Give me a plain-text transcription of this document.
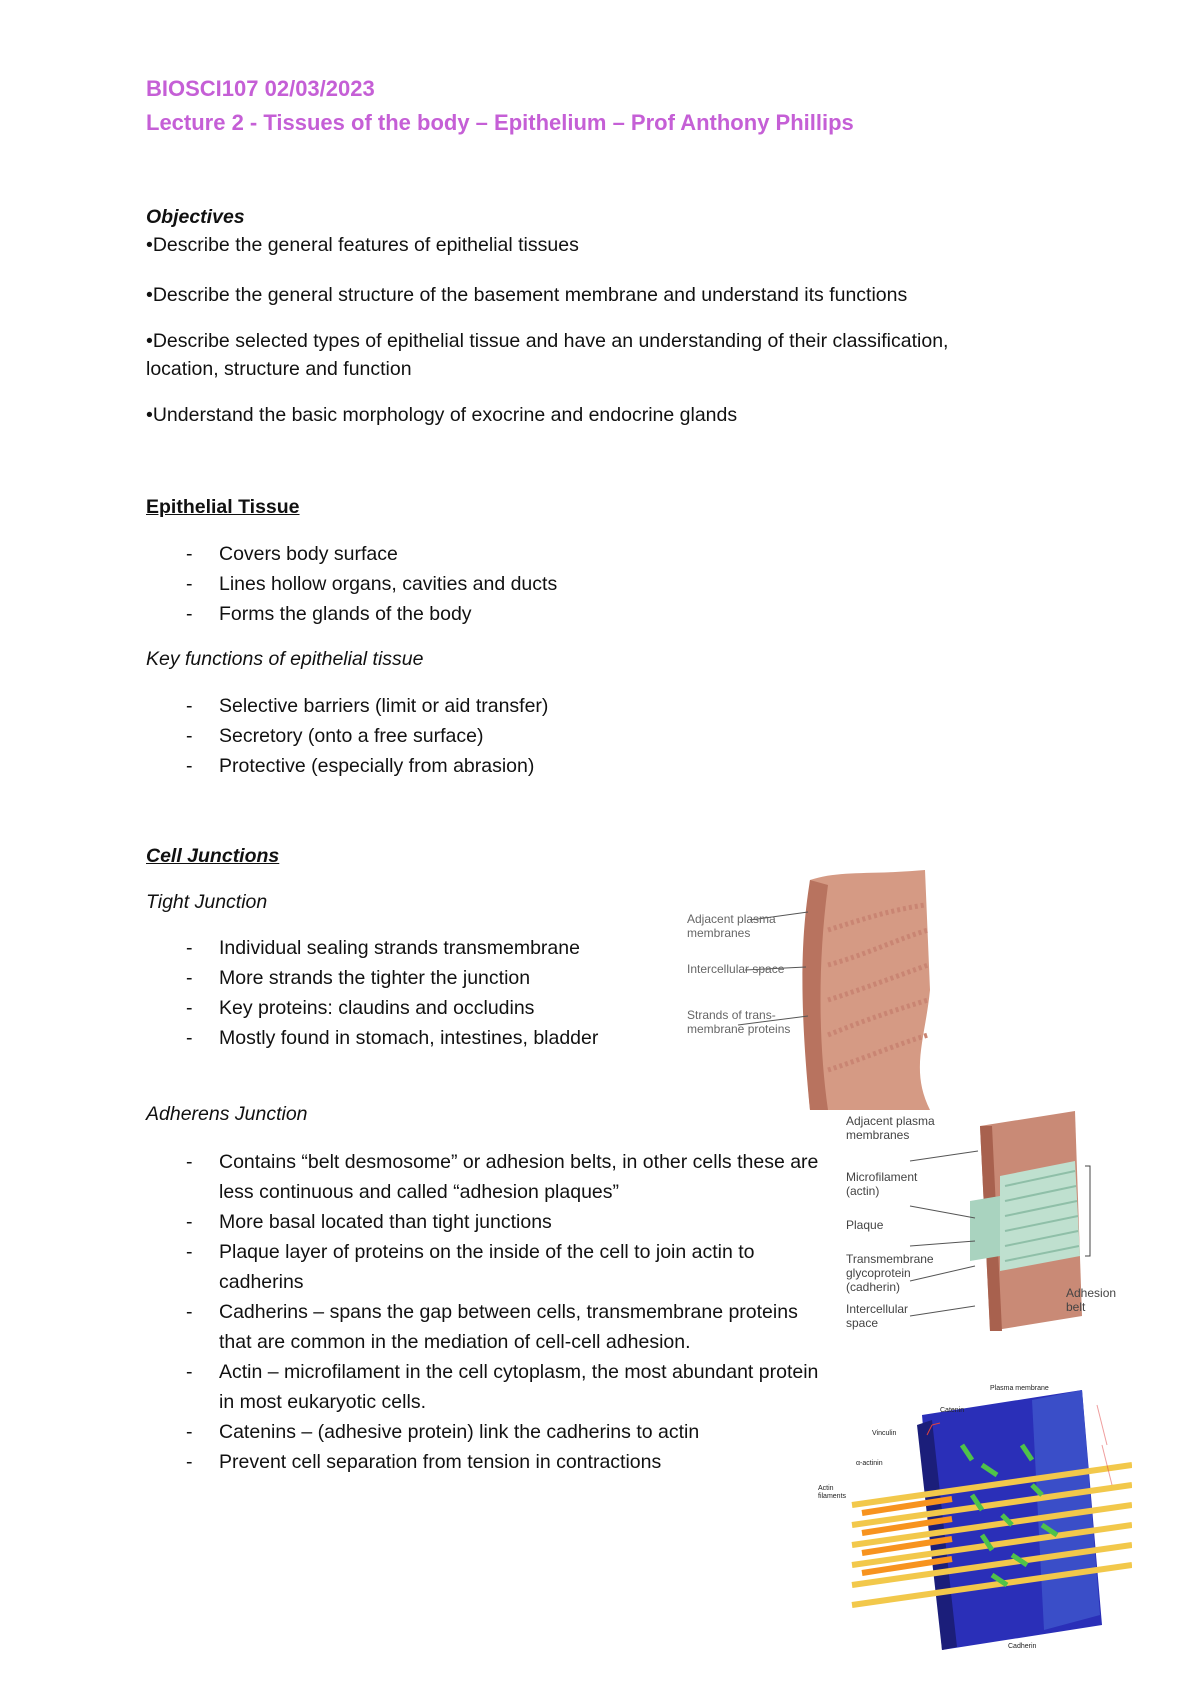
BIOSCI107 02/03/2023
Lecture 2 - Tissues of the body – Epithelium – Prof Anthony Phillips
Objectives
•Describe the general features of epithelial tissues
•Describe the general structure of the basement membrane and understand its functions
•Describe selected types of epithelial tissue and have an understanding of their classification, location, structure and function
•Understand the basic morphology of exocrine and endocrine glands
Epithelial Tissue
- Covers body surface
- Lines hollow organs, cavities and ducts
- Forms the glands of the body
Key functions of epithelial tissue
- Selective barriers (limit or aid transfer)
- Secretory (onto a free surface)
- Protective (especially from abrasion)
Cell Junctions
Tight Junction
- Individual sealing strands transmembrane
- More strands the tighter the junction
- Key proteins: claudins and occludins
- Mostly found in stomach, intestines, bladder
Adherens Junction
- Contains “belt desmosome” or adhesion belts, in other cells these are less continuous and called “adhesion plaques”
- More basal located than tight junctions
- Plaque layer of proteins on the inside of the cell to join actin to cadherins
- Cadherins – spans the gap between cells, transmembrane proteins that are common in the mediation of cell-cell adhesion.
- Actin – microfilament in the cell cytoplasm, the most abundant protein in most eukaryotic cells.
- Catenins – (adhesive protein) link the cadherins to actin
- Prevent cell separation from tension in contractions
Adjacent plasma membranes
Intercellular space
Strands of trans-membrane proteins
Adjacent plasma membranes
Microfilament (actin)
Plaque
Transmembrane glycoprotein (cadherin)
Intercellular space
Adhesion belt
Plasma membrane
Catenin
Vinculin
α-actinin
Actin filaments
Cadherin
